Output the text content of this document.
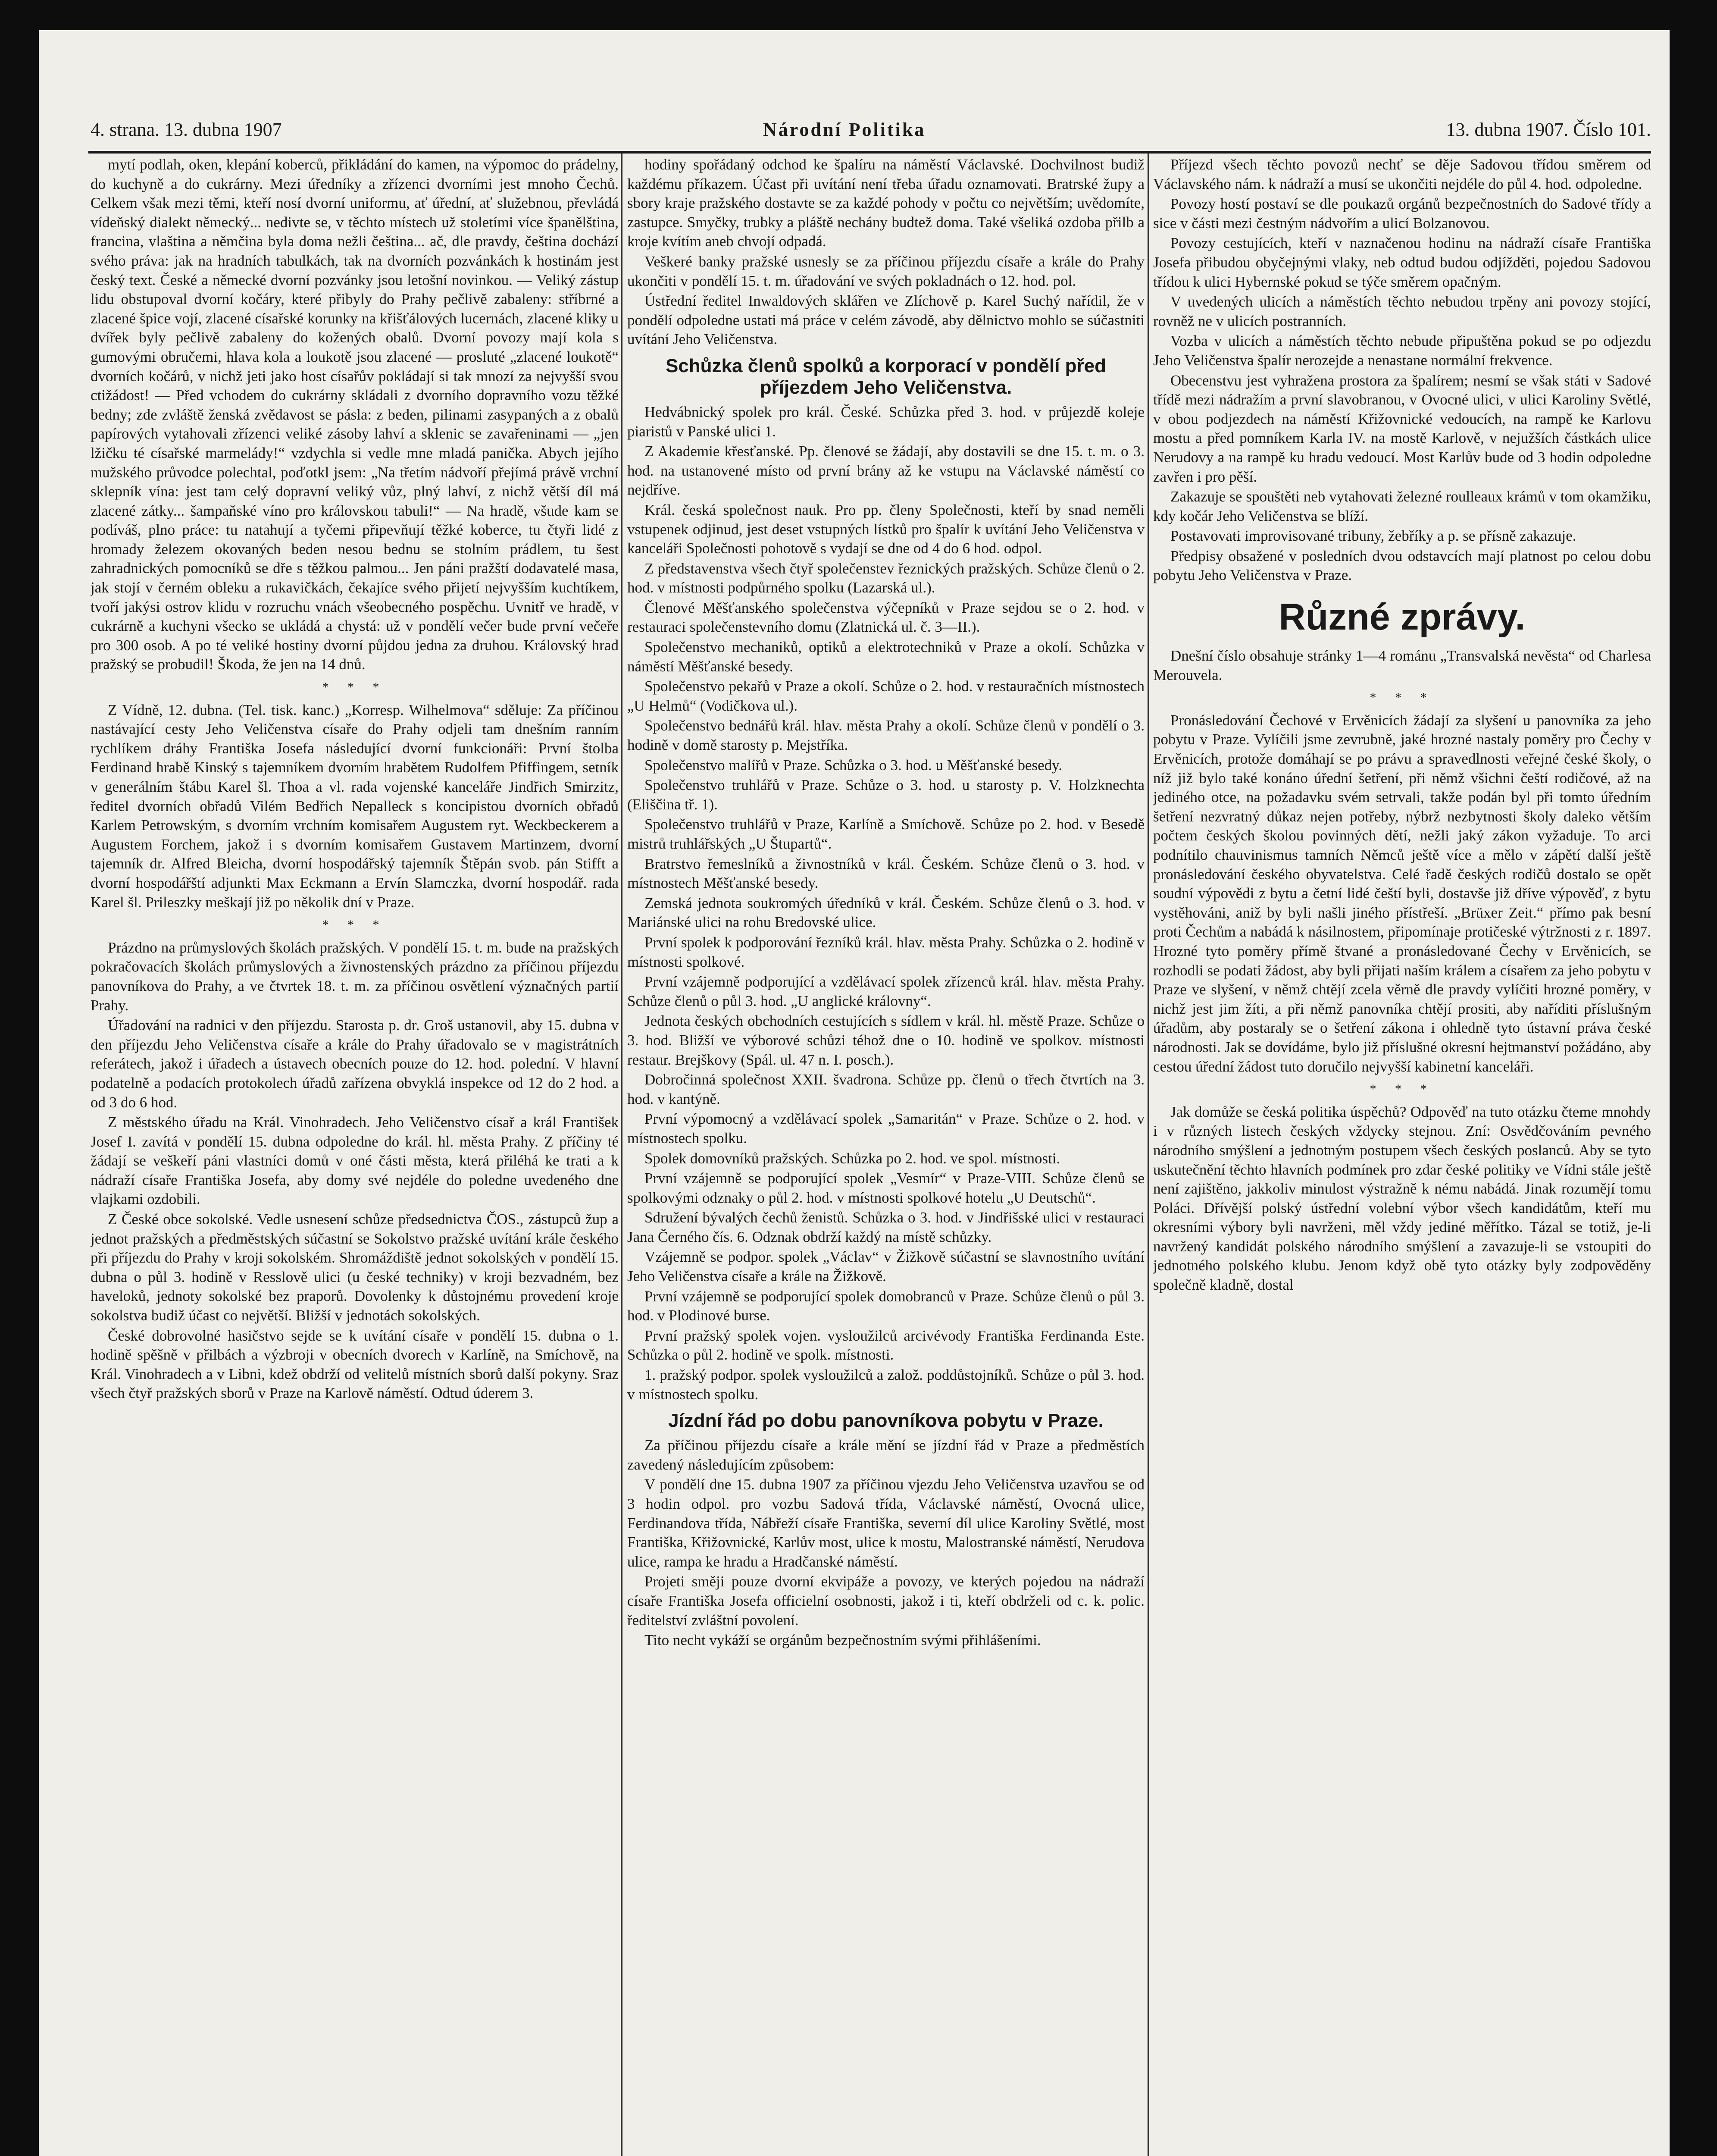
4. strana. 13. dubna 1907	Národní Politika	13. dubna 1907. Číslo 101.

mytí podlah, oken, klepání koberců, přikládání do kamen, na výpomoc do prádelny, do kuchyně a do cukrárny. Mezi úředníky a zřízenci dvorními jest mnoho Čechů. Celkem však mezi těmi, kteří nosí dvorní uniformu, ať úřední, ať služebnou, převládá vídeňský dialekt německý... nedivte se, v těchto místech už stoletími více španělština, francina, vlaština a němčina byla doma nežli čeština... ač, dle pravdy, čeština dochází svého práva: jak na hradních tabulkách, tak na dvorních pozvánkách k hostinám jest český text. České a německé dvorní pozvánky jsou letošní novinkou. — Veliký zástup lidu obstupoval dvorní kočáry, které přibyly do Prahy pečlivě zabaleny: stříbrné a zlacené špice vojí, zlacené císařské korunky na křišťálových lucernách, zlacené kliky u dvířek byly pečlivě zabaleny do kožených obalů. Dvorní povozy mají kola s gumovými obručemi, hlava kola a loukotě jsou zlacené — prosluté „zlacené loukotě“ dvorních kočárů, v nichž jeti jako host císařův pokládají si tak mnozí za nejvyšší svou ctižádost! — Před vchodem do cukrárny skládali z dvorního dopravního vozu těžké bedny; zde zvláště ženská zvědavost se pásla: z beden, pilinami zasypaných a z obalů papírových vytahovali zřízenci veliké zásoby lahví a sklenic se zavařeninami — „jen lžičku té císařské marmelády!“ vzdychla si vedle mne mladá panička. Abych jejího mužského průvodce polechtal, poďotkl jsem: „Na třetím nádvoří přejímá právě vrchní sklepník vína: jest tam celý dopravní veliký vůz, plný lahví, z nichž větší díl má zlacené zátky... šampaňské víno pro královskou tabuli!“ — Na hradě, všude kam se podíváš, plno práce: tu natahují a tyčemi připevňují těžké koberce, tu čtyři lidé z hromady železem okovaných beden nesou bednu se stolním prádlem, tu šest zahradnických pomocníků se dře s těžkou palmou... Jen páni pražští dodavatelé masa, jak stojí v černém obleku a rukavičkách, čekajíce svého přijetí nejvyšším kuchtíkem, tvoří jakýsi ostrov klidu v rozruchu vnách všeobecného pospěchu. Uvnitř ve hradě, v cukrárně a kuchyni všecko se ukládá a chystá: už v pondělí večer bude první večeře pro 300 osob. A po té veliké hostiny dvorní půjdou jedna za druhou. Královský hrad pražský se probudil! Škoda, že jen na 14 dnů.

* * *

Z Vídně, 12. dubna. (Tel. tisk. kanc.) „Korresp. Wilhelmova“ sděluje: Za příčinou nastávající cesty Jeho Veličenstva císaře do Prahy odjeli tam dnešním ranním rychlíkem dráhy Františka Josefa následující dvorní funkcionáři: První štolba Ferdinand hrabě Kinský s tajemníkem dvorním hrabětem Rudolfem Pfiffingem, setník v generálním štábu Karel šl. Thoa a vl. rada vojenské kanceláře Jindřich Smirzitz, ředitel dvorních obřadů Vilém Bedřich Nepalleck s koncipistou dvorních obřadů Karlem Petrowským, s dvorním vrchním komisařem Augustem ryt. Weckbeckerem a Augustem Forchem, jakož i s dvorním komisařem Gustavem Martinzem, dvorní tajemník dr. Alfred Bleicha, dvorní hospodářský tajemník Štěpán svob. pán Stifft a dvorní hospodářští adjunkti Max Eckmann a Ervín Slamczka, dvorní hospodář. rada Karel šl. Prileszky meškají již po několik dní v Praze.

* * *

Prázdno na průmyslových školách pražských. V pondělí 15. t. m. bude na pražských pokračovacích školách průmyslových a živnostenských prázdno za příčinou příjezdu panovníkova do Prahy, a ve čtvrtek 18. t. m. za příčinou osvětlení význačných partií Prahy.

Úřadování na radnici v den příjezdu. Starosta p. dr. Groš ustanovil, aby 15. dubna v den příjezdu Jeho Veličenstva císaře a krále do Prahy úřadovalo se v magistrátních referátech, jakož i úřadech a ústavech obecních pouze do 12. hod. polední. V hlavní podatelně a podacích protokolech úřadů zařízena obvyklá inspekce od 12 do 2 hod. a od 3 do 6 hod.

Z městského úřadu na Král. Vinohradech. Jeho Veličenstvo císař a král František Josef I. zavítá v pondělí 15. dubna odpoledne do král. hl. města Prahy. Z příčiny té žádají se veškeří páni vlastníci domů v oné části města, která přiléhá ke trati a k nádraží císaře Františka Josefa, aby domy své nejdéle do poledne uvedeného dne vlajkami ozdobili.

Z České obce sokolské. Vedle usnesení schůze předsednictva ČOS., zástupců žup a jednot pražských a předměstských súčastní se Sokolstvo pražské uvítání krále českého při příjezdu do Prahy v kroji sokolském. Shromáždiště jednot sokolských v pondělí 15. dubna o půl 3. hodině v Resslově ulici (u české techniky) v kroji bezvadném, bez haveloků, jednoty sokolské bez praporů. Dovolenky k důstojnému provedení kroje sokolstva budiž účast co největší. Bližší v jednotách sokolských.

České dobrovolné hasičstvo sejde se k uvítání císaře v pondělí 15. dubna o 1. hodině spěšně v přilbách a výzbroji v obecních dvorech v Karlíně, na Smíchově, na Král. Vinohradech a v Libni, kdež obdrží od velitelů místních sborů další pokyny. Sraz všech čtyř pražských sborů v Praze na Karlově náměstí. Odtud úderem 3.

hodiny spořádaný odchod ke špalíru na náměstí Václavské. Dochvilnost budiž každému příkazem. Účast při uvítání není třeba úřadu oznamovati. Bratrské župy a sbory kraje pražského dostavte se za každé pohody v počtu co největším; uvědomíte, zastupce. Smyčky, trubky a pláště nechány budtež doma. Také všeliká ozdoba přilb a kroje kvítím aneb chvojí odpadá.

Veškeré banky pražské usnesly se za příčinou příjezdu císaře a krále do Prahy ukončiti v pondělí 15. t. m. úřadování ve svých pokladnách o 12. hod. pol.

Ústřední ředitel Inwaldových sklářen ve Zlíchově p. Karel Suchý nařídil, že v pondělí odpoledne ustati má práce v celém závodě, aby dělnictvo mohlo se súčastniti uvítání Jeho Veličenstva.

Schůzka členů spolků a korporací v pondělí před příjezdem Jeho Veličenstva.

Hedvábnický spolek pro král. České. Schůzka před 3. hod. v průjezdě koleje piaristů v Panské ulici 1.

Z Akademie křesťanské. Pp. členové se žádají, aby dostavili se dne 15. t. m. o 3. hod. na ustanovené místo od první brány až ke vstupu na Václavské náměstí co nejdříve.

Král. česká společnost nauk. Pro pp. členy Společnosti, kteří by snad neměli vstupenek odjinud, jest deset vstupných lístků pro špalír k uvítání Jeho Veličenstva v kanceláři Společnosti pohotově s vydají se dne od 4 do 6 hod. odpol.

Z představenstva všech čtyř společenstev řeznických pražských. Schůze členů o 2. hod. v místnosti podpůrného spolku (Lazarská ul.).

Členové Měšťanského společenstva výčepníků v Praze sejdou se o 2. hod. v restauraci společenstevního domu (Zlatnická ul. č. 3—II.).

Společenstvo mechaniků, optiků a elektrotechniků v Praze a okolí. Schůzka v náměstí Měšťanské besedy.

Společenstvo pekařů v Praze a okolí. Schůze o 2. hod. v restauračních místnostech „U Helmů“ (Vodičkova ul.).

Společenstvo bednářů král. hlav. města Prahy a okolí. Schůze členů v pondělí o 3. hodině v domě starosty p. Mejstříka.

Společenstvo malířů v Praze. Schůzka o 3. hod. u Měšťanské besedy.

Společenstvo truhlářů v Praze. Schůze o 3. hod. u starosty p. V. Holzknechta (Eliščina tř. 1).

Společenstvo truhlářů v Praze, Karlíně a Smíchově. Schůze po 2. hod. v Besedě mistrů truhlářských „U Štupartů“.

Bratrstvo řemeslníků a živnostníků v král. Českém. Schůze členů o 3. hod. v místnostech Měšťanské besedy.

Zemská jednota soukromých úředníků v král. Českém. Schůze členů o 3. hod. v Mariánské ulici na rohu Bredovské ulice.

První spolek k podporování řezníků král. hlav. města Prahy. Schůzka o 2. hodině v místnosti spolkové.

První vzájemně podporující a vzdělávací spolek zřízenců král. hlav. města Prahy. Schůze členů o půl 3. hod. „U anglické královny“.

Jednota českých obchodních cestujících s sídlem v král. hl. městě Praze. Schůze o 3. hod. Bližší ve výborové schůzi téhož dne o 10. hodině ve spolkov. místnosti restaur. Brejškovy (Spál. ul. 47 n. I. posch.).

Dobročinná společnost XXII. švadrona. Schůze pp. členů o třech čtvrtích na 3. hod. v kantýně.

První výpomocný a vzdělávací spolek „Samaritán“ v Praze. Schůze o 2. hod. v místnostech spolku.

Spolek domovníků pražských. Schůzka po 2. hod. ve spol. místnosti.

První vzájemně se podporující spolek „Vesmír“ v Praze-VIII. Schůze členů se spolkovými odznaky o půl 2. hod. v místnosti spolkové hotelu „U Deutschů“.

Sdružení bývalých čechů ženistů. Schůzka o 3. hod. v Jindřišské ulici v restauraci Jana Černého čís. 6. Odznak obdrží každý na místě schůzky.

Vzájemně se podpor. spolek „Václav“ v Žižkově súčastní se slavnostního uvítání Jeho Veličenstva císaře a krále na Žižkově.

První vzájemně se podporující spolek domobranců v Praze. Schůze členů o půl 3. hod. v Plodinové burse.

První pražský spolek vojen. vysloužilců arcivévody Františka Ferdinanda Este. Schůzka o půl 2. hodině ve spolk. místnosti.

1. pražský podpor. spolek vysloužilců a založ. poddůstojníků. Schůze o půl 3. hod. v místnostech spolku.

Jízdní řád po dobu panovníkova pobytu v Praze.

Za příčinou příjezdu císaře a krále mění se jízdní řád v Praze a předměstích zavedený následujícím způsobem:

V pondělí dne 15. dubna 1907 za příčinou vjezdu Jeho Veličenstva uzavřou se od 3 hodin odpol. pro vozbu Sadová třída, Václavské náměstí, Ovocná ulice, Ferdinandova třída, Nábřeží císaře Františka, severní díl ulice Karoliny Světlé, most Františka, Křižovnické, Karlův most, ulice k mostu, Malostranské náměstí, Nerudova ulice, rampa ke hradu a Hradčanské náměstí.

Projeti směji pouze dvorní ekvipáže a povozy, ve kterých pojedou na nádraží císaře Františka Josefa officielní osobnosti, jakož i ti, kteří obdrželi od c. k. polic. ředitelství zvláštní povolení.

Tito necht vykáží se orgánům bezpečnostním svými přihlášeními.

Příjezd všech těchto povozů nechť se děje Sadovou třídou směrem od Václavského nám. k nádraží a musí se ukončiti nejdéle do půl 4. hod. odpoledne.

Povozy hostí postaví se dle poukazů orgánů bezpečnostních do Sadové třídy a sice v části mezi čestným nádvořím a ulicí Bolzanovou.

Povozy cestujících, kteří v naznačenou hodinu na nádraží císaře Františka Josefa přibudou obyčejnými vlaky, neb odtud budou odjížděti, pojedou Sadovou třídou k ulici Hybernské pokud se týče směrem opačným.

V uvedených ulicích a náměstích těchto nebudou trpěny ani povozy stojící, rovněž ne v ulicích postranních.

Vozba v ulicích a náměstích těchto nebude připuštěna pokud se po odjezdu Jeho Veličenstva špalír nerozejde a nenastane normální frekvence.

Obecenstvu jest vyhražena prostora za špalírem; nesmí se však státi v Sadové třídě mezi nádražím a první slavobranou, v Ovocné ulici, v ulici Karoliny Světlé, v obou podjezdech na náměstí Křižovnické vedoucích, na rampě ke Karlovu mostu a před pomníkem Karla IV. na mostě Karlově, v nejužších částkách ulice Nerudovy a na rampě ku hradu vedoucí. Most Karlův bude od 3 hodin odpoledne zavřen i pro pěší.

Zakazuje se spouštěti neb vytahovati železné roulleaux krámů v tom okamžiku, kdy kočár Jeho Veličenstva se blíží.

Postavovati improvisované tribuny, žebříky a p. se přísně zakazuje.

Předpisy obsažené v posledních dvou odstavcích mají platnost po celou dobu pobytu Jeho Veličenstva v Praze.

Různé zprávy.

Dnešní číslo obsahuje stránky 1—4 románu „Transvalská nevěsta“ od Charlesa Merouvela.

* * *

Pronásledování Čechové v Ervěnicích žádají za slyšení u panovníka za jeho pobytu v Praze. Vylíčili jsme zevrubně, jaké hrozné nastaly poměry pro Čechy v Ervěnicích, protože domáhají se po právu a spravedlnosti veřejné české školy, o níž již bylo také konáno úřední šetření, při němž všichni čeští rodičové, až na jediného otce, na požadavku svém setrvali, takže podán byl při tomto úředním šetření nezvratný důkaz nejen potřeby, nýbrž nezbytnosti školy daleko větším počtem českých školou povinných dětí, nežli jaký zákon vyžaduje. To arci podnítilo chauvinismus tamních Němců ještě více a mělo v zápětí další ještě pronásledování českého obyvatelstva. Celé řadě českých rodičů dostalo se opět soudní výpovědi z bytu a četní lidé čeští byli, dostavše již dříve výpověď, z bytu vystěhováni, aniž by byli našli jiného přístřeší. „Brüxer Zeit.“ přímo pak besní proti Čechům a nabádá k násilnostem, připomínaje protičeské výtržnosti z r. 1897. Hrozné tyto poměry přímě štvané a pronásledované Čechy v Ervěnicích, se rozhodli se podati žádost, aby byli přijati naším králem a císařem za jeho pobytu v Praze ve slyšení, v němž chtějí zcela věrně dle pravdy vylíčiti hrozné poměry, v nichž jest jim žíti, a při němž panovníka chtějí prositi, aby naříditi příslušným úřadům, aby postaraly se o šetření zákona i ohledně tyto ústavní práva české národnosti. Jak se dovídáme, bylo již příslušné okresní hejtmanství požádáno, aby cestou úřední žádost tuto doručilo nejvyšší kabinetní kanceláři.

* * *

Jak domůže se česká politika úspěchů? Odpověď na tuto otázku čteme mnohdy i v různých listech českých vždycky stejnou. Zní: Osvědčováním pevného národního smýšlení a jednotným postupem všech českých poslanců. Aby se tyto uskutečnění těchto hlavních podmínek pro zdar české politiky ve Vídni stále ještě není zajištěno, jakkoliv minulost výstražně k nému nabádá. Jinak rozumějí tomu Poláci. Dřívější polský ústřední volební výbor všech kandidátům, kteří mu okresními výbory byli navrženi, měl vždy jediné měřítko. Tázal se totiž, je-li navržený kandidát polského národního smýšlení a zavazuje-li se vstoupiti do jednotného polského klubu. Jenom když obě tyto otázky byly zodpověděny společně kladně, dostal
